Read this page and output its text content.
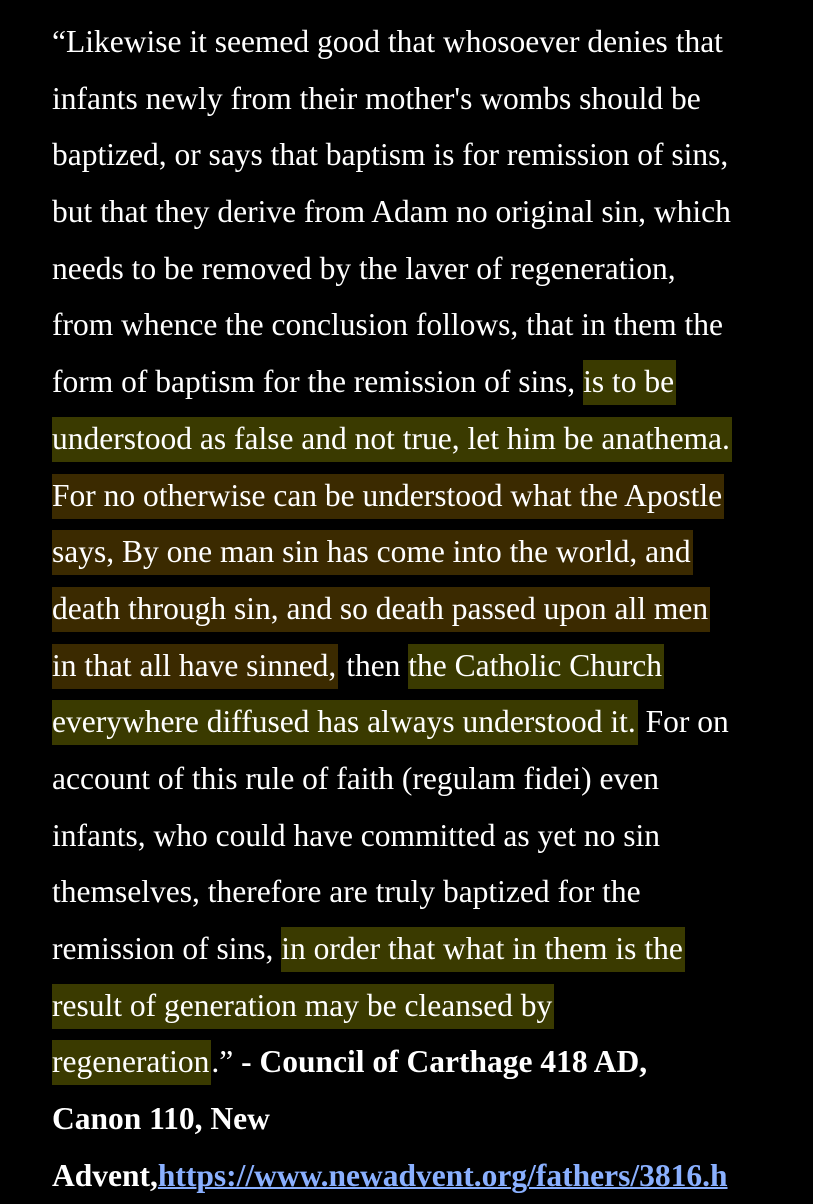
“Likewise it seemed good that whosoever denies that
infants newly from their mother's wombs should be
baptized, or says that baptism is for remission of sins,
but that they derive from Adam no original sin, which
needs to be removed by the laver of regeneration,
from whence the conclusion follows, that in them the
form of baptism for the remission of sins, is to be
understood as false and not true, let him be anathema.
For no otherwise can be understood what the Apostle
says, By one man sin has come into the world, and
death through sin, and so death passed upon all men
in that all have sinned, then the Catholic Church
everywhere diffused has always understood it. For on
account of this rule of faith (regulam fidei) even
infants, who could have committed as yet no sin
themselves, therefore are truly baptized for the
remission of sins, in order that what in them is the
result of generation may be cleansed by
regeneration.” - Council of Carthage 418 AD,
Canon 110, New
Advent,https://www.newadvent.org/fathers/3816.h
